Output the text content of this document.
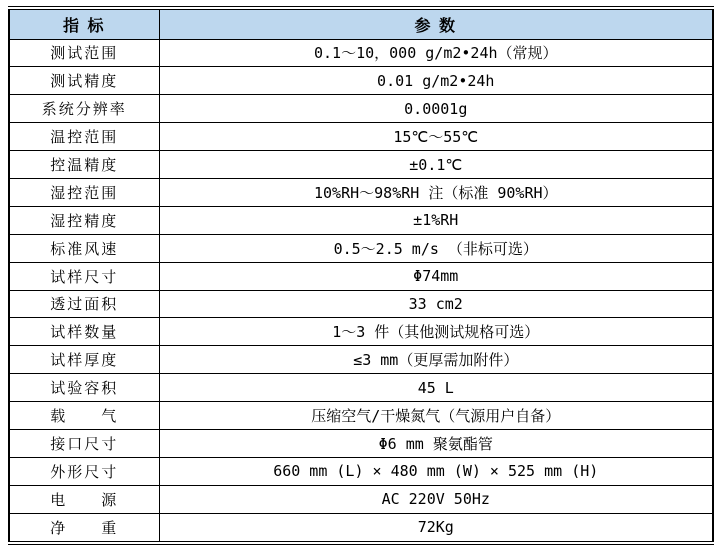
指 标	参 数
测试范围	0.1～10，000 g/m2•24h（常规）
测试精度	0.01 g/m2•24h
系统分辨率	0.0001g
温控范围	15℃～55℃
控温精度	±0.1℃
湿控范围	10%RH～98%RH 注（标准 90%RH）
湿控精度	±1%RH
标准风速	0.5～2.5 m/s （非标可选）
试样尺寸	Φ74mm
透过面积	33 cm2
试样数量	1～3 件（其他测试规格可选）
试样厚度	≤3 mm（更厚需加附件）
试验容积	45 L
载　　气	压缩空气/干燥氮气（气源用户自备）
接口尺寸	Φ6 mm 聚氨酯管
外形尺寸	660 mm (L) × 480 mm (W) × 525 mm (H)
电　　源	AC 220V 50Hz
净　　重	72Kg
